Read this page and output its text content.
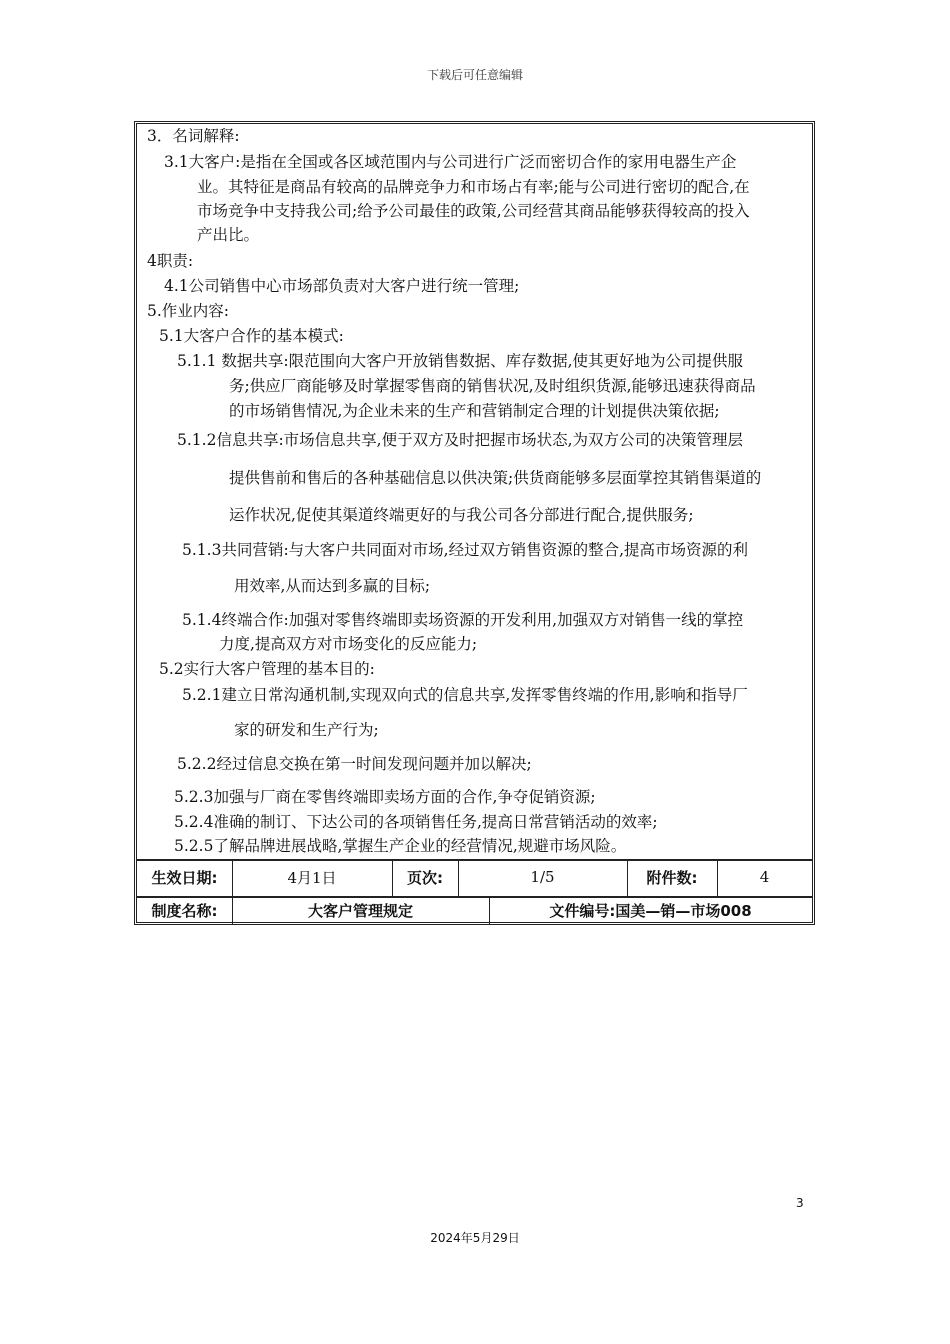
下载后可任意编辑
3．名词解释:
3.1大客户:是指在全国或各区域范围内与公司进行广泛而密切合作的家用电器生产企
业。其特征是商品有较高的品牌竞争力和市场占有率;能与公司进行密切的配合,在
市场竞争中支持我公司;给予公司最佳的政策,公司经营其商品能够获得较高的投入
产出比。
4职责:
4.1公司销售中心市场部负责对大客户进行统一管理;
5.作业内容:
5.1大客户合作的基本模式:
5.1.1 数据共享:限范围向大客户开放销售数据、库存数据,使其更好地为公司提供服
务;供应厂商能够及时掌握零售商的销售状况,及时组织货源,能够迅速获得商品
的市场销售情况,为企业未来的生产和营销制定合理的计划提供决策依据;
5.1.2信息共享:市场信息共享,便于双方及时把握市场状态,为双方公司的决策管理层
提供售前和售后的各种基础信息以供决策;供货商能够多层面掌控其销售渠道的
运作状况,促使其渠道终端更好的与我公司各分部进行配合,提供服务;
5.1.3共同营销:与大客户共同面对市场,经过双方销售资源的整合,提高市场资源的利
用效率,从而达到多赢的目标;
5.1.4终端合作:加强对零售终端即卖场资源的开发利用,加强双方对销售一线的掌控
力度,提高双方对市场变化的反应能力;
5.2实行大客户管理的基本目的:
5.2.1建立日常沟通机制,实现双向式的信息共享,发挥零售终端的作用,影响和指导厂
家的研发和生产行为;
5.2.2经过信息交换在第一时间发现问题并加以解决;
5.2.3加强与厂商在零售终端即卖场方面的合作,争夺促销资源;
5.2.4准确的制订、下达公司的各项销售任务,提高日常营销活动的效率;
5.2.5了解品牌进展战略,掌握生产企业的经营情况,规避市场风险。
生效日期:	4月1日	页次:	1/5	附件数:	4
制度名称:	大客户管理规定	文件编号:国美—销—市场008
3
2024年5月29日
